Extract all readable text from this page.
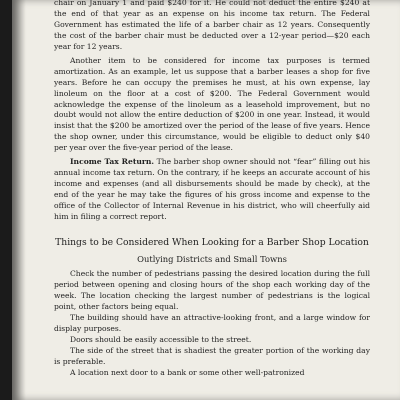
chair on January 1 and paid $240 for it. He could not deduct the entire $240 at the end of that year as an expense on his income tax return. The Federal Government has estimated the life of a barber chair as 12 years. Consequently the cost of the barber chair must be deducted over a 12-year period—$20 each year for 12 years.

Another item to be considered for income tax purposes is termed amortization. As an example, let us suppose that a barber leases a shop for five years. Before he can occupy the premises he must, at his own expense, lay linoleum on the floor at a cost of $200. The Federal Government would acknowledge the expense of the linoleum as a leasehold improvement, but no doubt would not allow the entire deduction of $200 in one year. Instead, it would insist that the $200 be amortized over the period of the lease of five years. Hence the shop owner, under this circumstance, would be eligible to deduct only $40 per year over the five-year period of the lease.

Income Tax Return. The barber shop owner should not “fear” filling out his annual income tax return. On the contrary, if he keeps an accurate account of his income and expenses (and all disbursements should be made by check), at the end of the year he may take the figures of his gross income and expense to the office of the Collector of Internal Revenue in his district, who will cheerfully aid him in filing a correct report.

Things to be Considered When Looking for a Barber Shop Location
Outlying Districts and Small Towns

Check the number of pedestrians passing the desired location during the full period between opening and closing hours of the shop each working day of the week. The location checking the largest number of pedestrians is the logical point, other factors being equal.

The building should have an attractive-looking front, and a large window for display purposes.

Doors should be easily accessible to the street.

The side of the street that is shadiest the greater portion of the working day is preferable.

A location next door to a bank or some other well-patronized
